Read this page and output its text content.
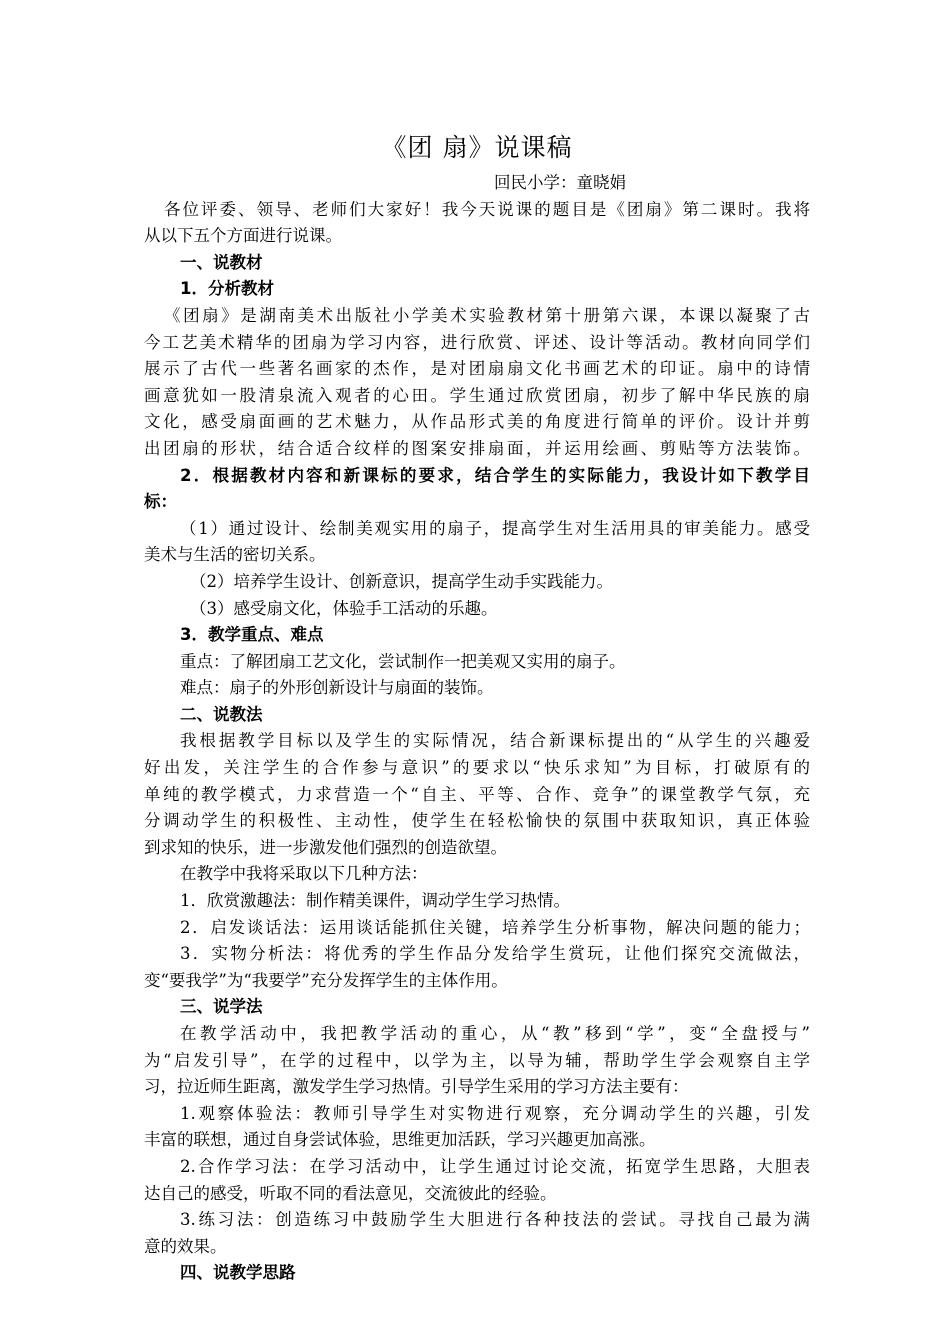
《团 扇》说课稿
回民小学：童晓娟
各位评委、领导、老师们大家好！我今天说课的题目是《团扇》第二课时。我将
从以下五个方面进行说课。
一、说教材
1．分析教材
《团扇》是湖南美术出版社小学美术实验教材第十册第六课，本课以凝聚了古
今工艺美术精华的团扇为学习内容，进行欣赏、评述、设计等活动。教材向同学们
展示了古代一些著名画家的杰作，是对团扇扇文化书画艺术的印证。扇中的诗情
画意犹如一股清泉流入观者的心田。学生通过欣赏团扇，初步了解中华民族的扇
文化，感受扇面画的艺术魅力，从作品形式美的角度进行简单的评价。设计并剪
出团扇的形状，结合适合纹样的图案安排扇面，并运用绘画、剪贴等方法装饰。
2．根据教材内容和新课标的要求，结合学生的实际能力，我设计如下教学目
标：
（1）通过设计、绘制美观实用的扇子，提高学生对生活用具的审美能力。感受
美术与生活的密切关系。
（2）培养学生设计、创新意识，提高学生动手实践能力。
（3）感受扇文化，体验手工活动的乐趣。
3．教学重点、难点
重点：了解团扇工艺文化，尝试制作一把美观又实用的扇子。
难点：扇子的外形创新设计与扇面的装饰。
二、说教法
我根据教学目标以及学生的实际情况，结合新课标提出的“从学生的兴趣爱
好出发，关注学生的合作参与意识”的要求以“快乐求知”为目标，打破原有的
单纯的教学模式，力求营造一个“自主、平等、合作、竞争”的课堂教学气氛，充
分调动学生的积极性、主动性，使学生在轻松愉快的氛围中获取知识，真正体验
到求知的快乐，进一步激发他们强烈的创造欲望。
在教学中我将采取以下几种方法：
1．欣赏激趣法：制作精美课件，调动学生学习热情。
2．启发谈话法：运用谈话能抓住关键，培养学生分析事物，解决问题的能力；
3．实物分析法：将优秀的学生作品分发给学生赏玩，让他们探究交流做法，
变“要我学”为“我要学”充分发挥学生的主体作用。
三、说学法
在教学活动中，我把教学活动的重心，从“教”移到“学”，变“全盘授与”
为“启发引导”，在学的过程中，以学为主，以导为辅，帮助学生学会观察自主学
习，拉近师生距离，激发学生学习热情。引导学生采用的学习方法主要有：
1.观察体验法：教师引导学生对实物进行观察，充分调动学生的兴趣，引发
丰富的联想，通过自身尝试体验，思维更加活跃，学习兴趣更加高涨。
2.合作学习法：在学习活动中，让学生通过讨论交流，拓宽学生思路，大胆表
达自己的感受，听取不同的看法意见，交流彼此的经验。
3.练习法：创造练习中鼓励学生大胆进行各种技法的尝试。寻找自己最为满
意的效果。
四、说教学思路
